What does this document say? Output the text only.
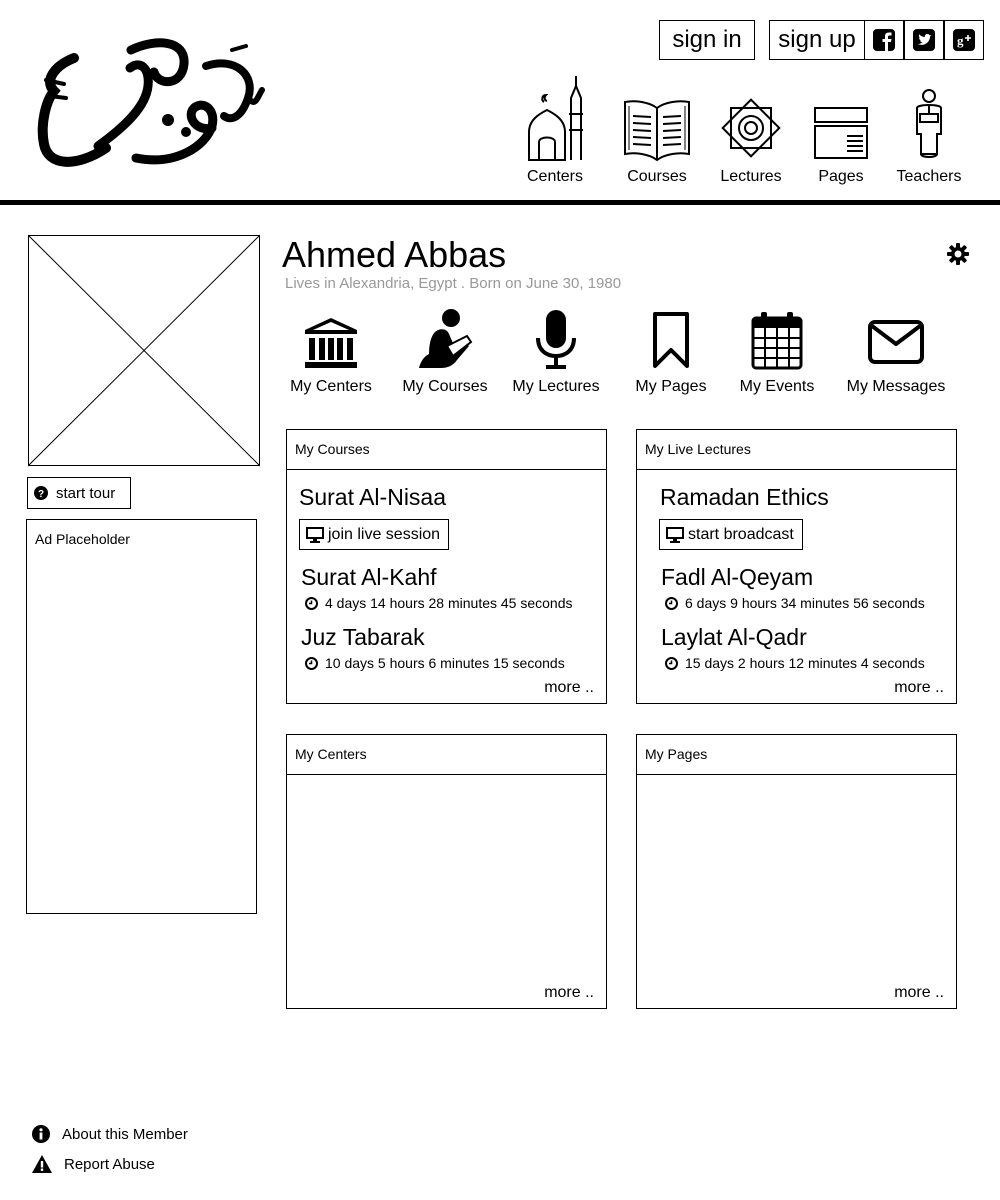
sign in	sign up	g
Centers	Courses Lectures Pages Teachers
? start tour
Ad Placeholder
Ahmed Abbas
Lives in Alexandria, Egypt . Born on June 30, 1980
My Centers My Courses My Lectures My Pages My Events My Messages
My Courses
Surat Al-Nisaa
join live session
Surat Al-Kahf
4 days 14 hours 28 minutes 45 seconds
Juz Tabarak
10 days 5 hours 6 minutes 15 seconds
more ..
My Live Lectures
Ramadan Ethics
start broadcast
Fadl Al-Qeyam
6 days 9 hours 34 minutes 56 seconds
Laylat Al-Qadr
15 days 2 hours 12 minutes 4 seconds
more ..
My Centers
more ..
My Pages
more ..
About this Member
Report Abuse
